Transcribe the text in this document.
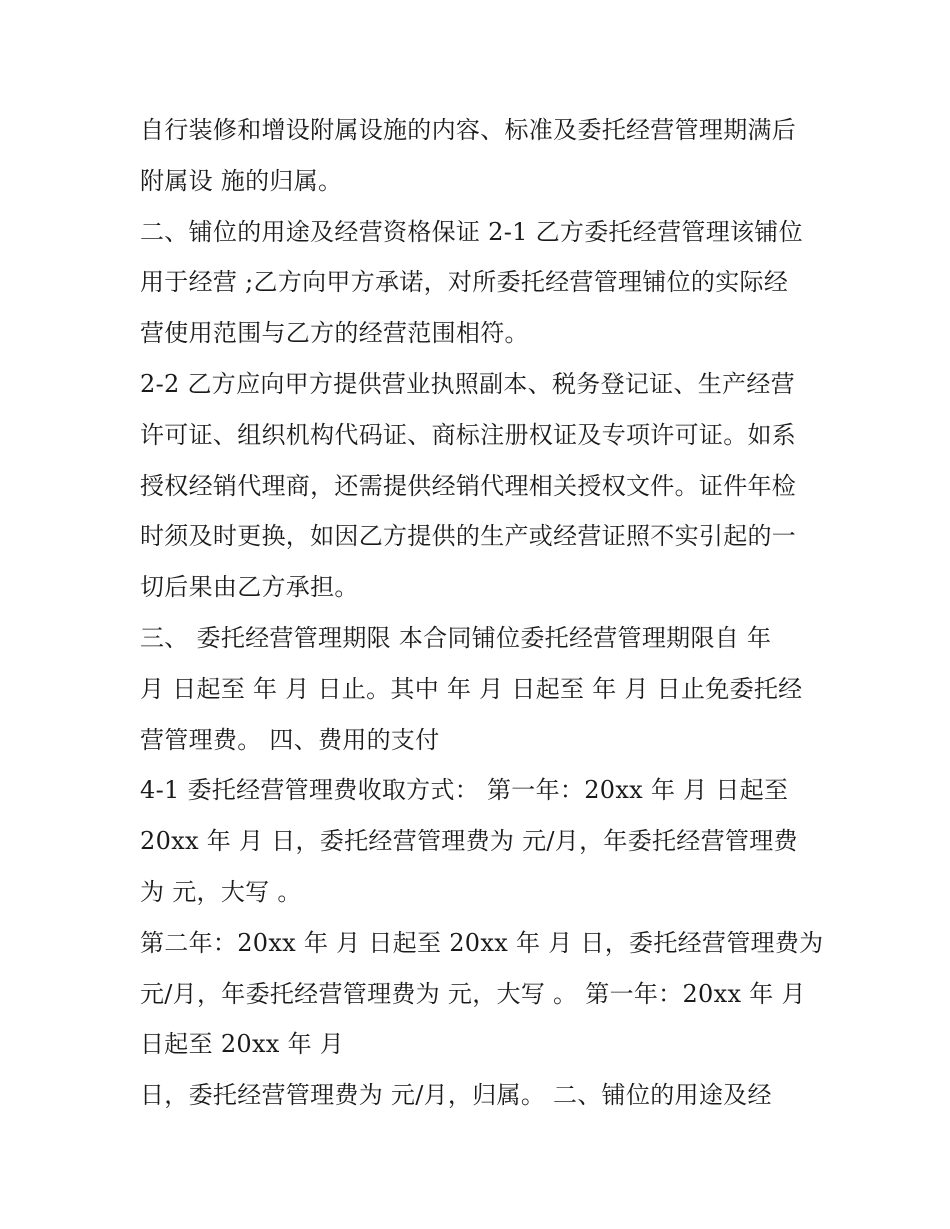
自行装修和增设附属设施的内容、标准及委托经营管理期满后
附属设 施的归属。
二、铺位的用途及经营资格保证 2-1 乙方委托经营管理该铺位
用于经营 ;乙方向甲方承诺，对所委托经营管理铺位的实际经
营使用范围与乙方的经营范围相符。
2-2 乙方应向甲方提供营业执照副本、税务登记证、生产经营
许可证、组织机构代码证、商标注册权证及专项许可证。如系
授权经销代理商，还需提供经销代理相关授权文件。证件年检
时须及时更换，如因乙方提供的生产或经营证照不实引起的一
切后果由乙方承担。
三、 委托经营管理期限 本合同铺位委托经营管理期限自 年
月 日起至 年 月 日止。其中 年 月 日起至 年 月 日止免委托经
营管理费。 四、费用的支付
4-1 委托经营管理费收取方式： 第一年：20xx 年 月 日起至
20xx 年 月 日，委托经营管理费为 元/月，年委托经营管理费
为 元，大写 。
第二年：20xx 年 月 日起至 20xx 年 月 日，委托经营管理费为
元/月，年委托经营管理费为 元，大写 。 第一年：20xx 年 月
日起至 20xx 年 月
日，委托经营管理费为 元/月，归属。 二、铺位的用途及经
